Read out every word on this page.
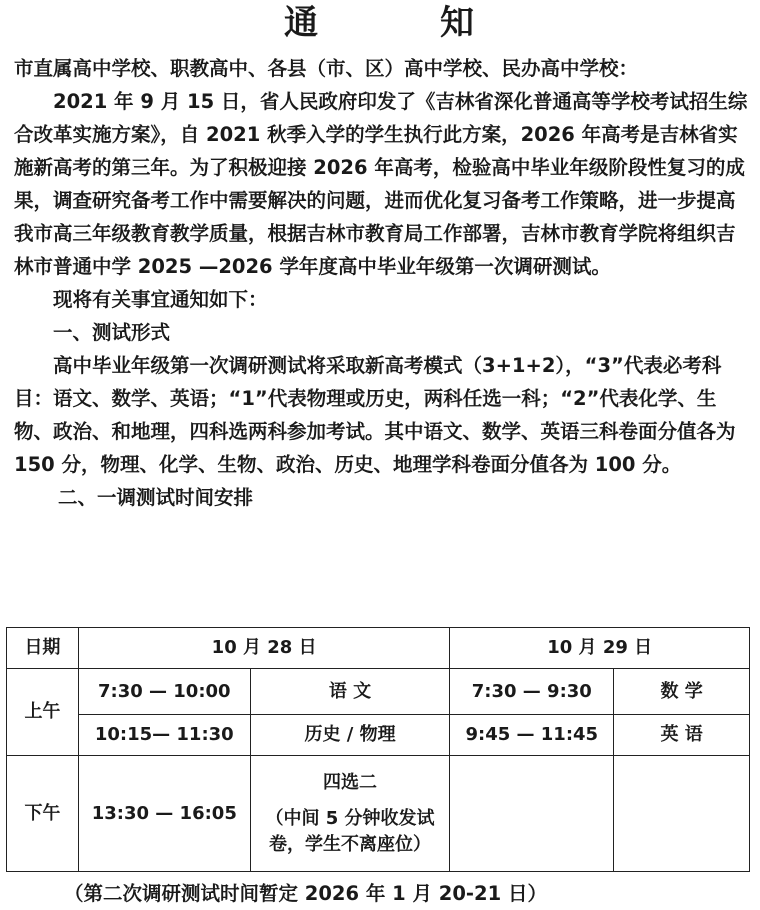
通	知

市直属高中学校、职教高中、各县（市、区）高中学校、民办高中学校：

2021 年 9 月 15 日，省人民政府印发了《吉林省深化普通高等学校考试招生综合改革实施方案》，自 2021 秋季入学的学生执行此方案，2026 年高考是吉林省实施新高考的第三年。为了积极迎接 2026 年高考，检验高中毕业年级阶段性复习的成果，调查研究备考工作中需要解决的问题，进而优化复习备考工作策略，进一步提高我市高三年级教育教学质量，根据吉林市教育局工作部署，吉林市教育学院将组织吉林市普通中学 2025 —2026 学年度高中毕业年级第一次调研测试。

现将有关事宜通知如下：

一、测试形式

高中毕业年级第一次调研测试将采取新高考模式（3+1+2），“3”代表必考科目：语文、数学、英语；“1”代表物理或历史，两科任选一科；“2”代表化学、生物、政治、和地理，四科选两科参加考试。其中语文、数学、英语三科卷面分值各为 150 分，物理、化学、生物、政治、历史、地理学科卷面分值各为 100 分。

二、一调测试时间安排

日期	10 月 28 日		10 月 29 日	
上午	7:30 — 10:00	语 文	7:30 — 9:30	数 学
	10:15— 11:30	历史 / 物理	9:45 — 11:45	英 语
下午	13:30 — 16:05	四选二
（中间 5 分钟收发试
卷，学生不离座位）		

（第二次调研测试时间暂定 2026 年 1 月 20-21 日）
